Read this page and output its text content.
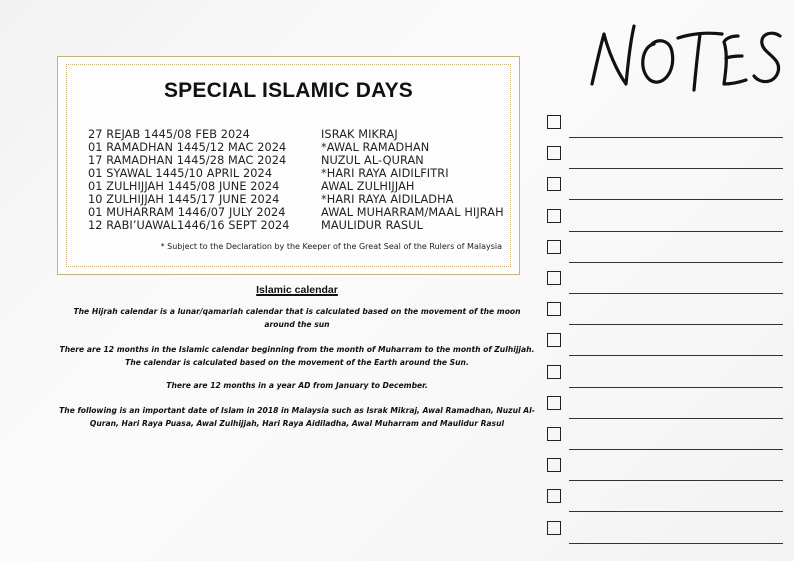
SPECIAL ISLAMIC DAYS
27 REJAB 1445/08 FEB 2024
01 RAMADHAN 1445/12 MAC 2024
17 RAMADHAN 1445/28 MAC 2024
01 SYAWAL 1445/10 APRIL 2024
01 ZULHIJJAH 1445/08 JUNE 2024
10 ZULHIJJAH 1445/17 JUNE 2024
01 MUHARRAM 1446/07 JULY 2024
12 RABI’UAWAL1446/16 SEPT 2024
ISRAK MIKRAJ
*AWAL RAMADHAN
NUZUL AL-QURAN
*HARI RAYA AIDILFITRI
AWAL ZULHIJJAH
*HARI RAYA AIDILADHA
AWAL MUHARRAM/MAAL HIJRAH
MAULIDUR RASUL
* Subject to the Declaration by the Keeper of the Great Seal of the Rulers of Malaysia
Islamic calendar
The Hijrah calendar is a lunar/qamariah calendar that is calculated based on the movement of the moon around the sun
There are 12 months in the Islamic calendar beginning from the month of Muharram to the month of Zulhijjah. The calendar is calculated based on the movement of the Earth around the Sun.
There are 12 months in a year AD from January to December.
The following is an important date of Islam in 2018 in Malaysia such as Israk Mikraj, Awal Ramadhan, Nuzul Al-Quran, Hari Raya Puasa, Awal Zulhijjah, Hari Raya Aidiladha, Awal Muharram and Maulidur Rasul
